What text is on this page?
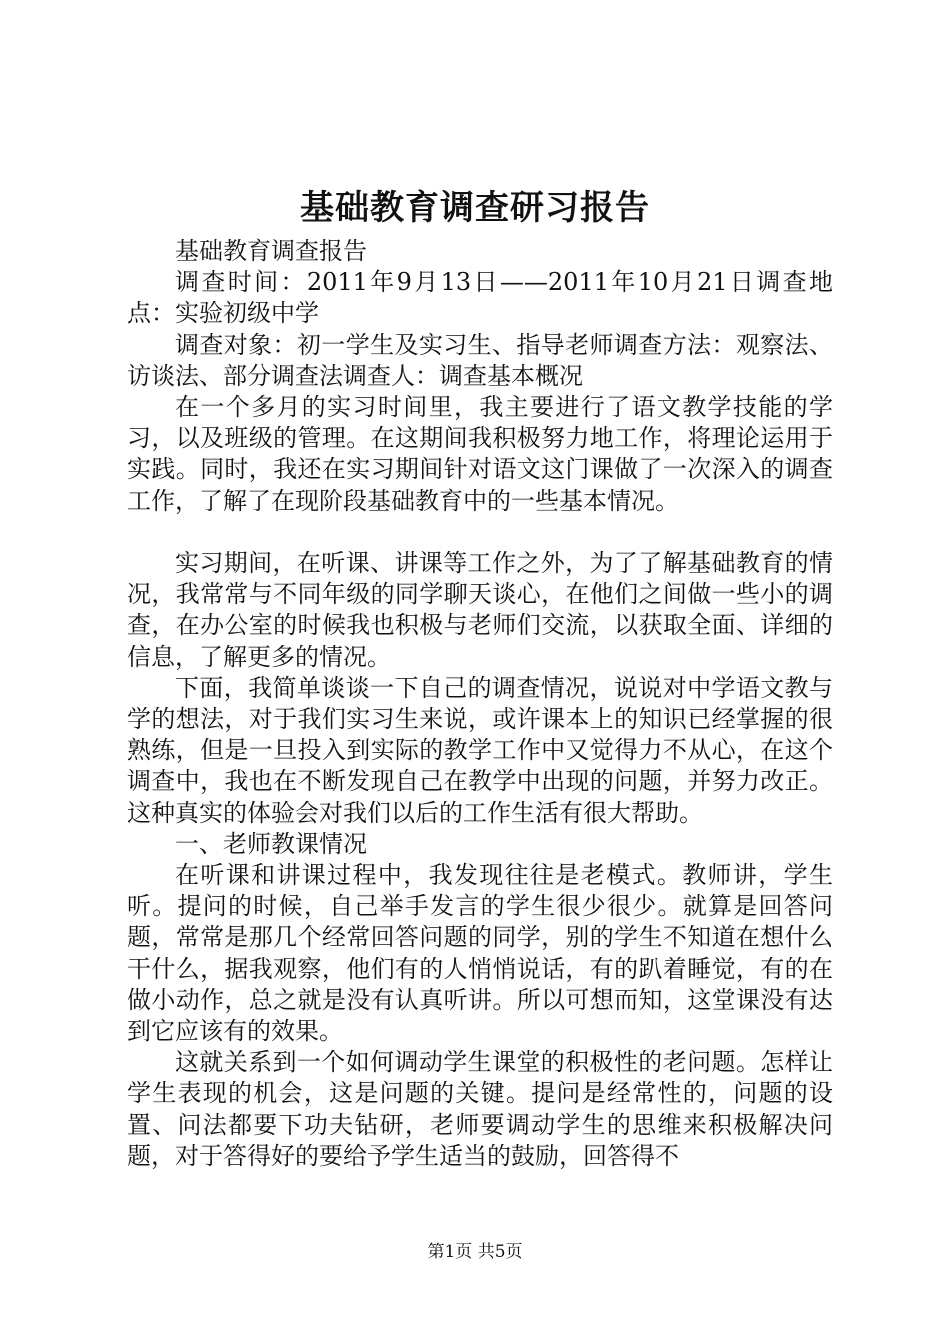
基础教育调查研习报告

基础教育调查报告

调查时间：2011年9月13日——2011年10月21日调查地点：实验初级中学

调查对象：初一学生及实习生、指导老师调查方法：观察法、访谈法、部分调查法调查人：调查基本概况

在一个多月的实习时间里，我主要进行了语文教学技能的学习，以及班级的管理。在这期间我积极努力地工作，将理论运用于实践。同时，我还在实习期间针对语文这门课做了一次深入的调查工作，了解了在现阶段基础教育中的一些基本情况。

实习期间，在听课、讲课等工作之外，为了了解基础教育的情况，我常常与不同年级的同学聊天谈心，在他们之间做一些小的调查，在办公室的时候我也积极与老师们交流，以获取全面、详细的信息，了解更多的情况。

下面，我简单谈谈一下自己的调查情况，说说对中学语文教与学的想法，对于我们实习生来说，或许课本上的知识已经掌握的很熟练，但是一旦投入到实际的教学工作中又觉得力不从心，在这个调查中，我也在不断发现自己在教学中出现的问题，并努力改正。这种真实的体验会对我们以后的工作生活有很大帮助。

一、老师教课情况

在听课和讲课过程中，我发现往往是老模式。教师讲，学生听。提问的时候，自己举手发言的学生很少很少。就算是回答问题，常常是那几个经常回答问题的同学，别的学生不知道在想什么干什么，据我观察，他们有的人悄悄说话，有的趴着睡觉，有的在做小动作，总之就是没有认真听讲。所以可想而知，这堂课没有达到它应该有的效果。

这就关系到一个如何调动学生课堂的积极性的老问题。怎样让学生表现的机会，这是问题的关键。提问是经常性的，问题的设置、问法都要下功夫钻研，老师要调动学生的思维来积极解决问题，对于答得好的要给予学生适当的鼓励，回答得不

第1页 共5页
